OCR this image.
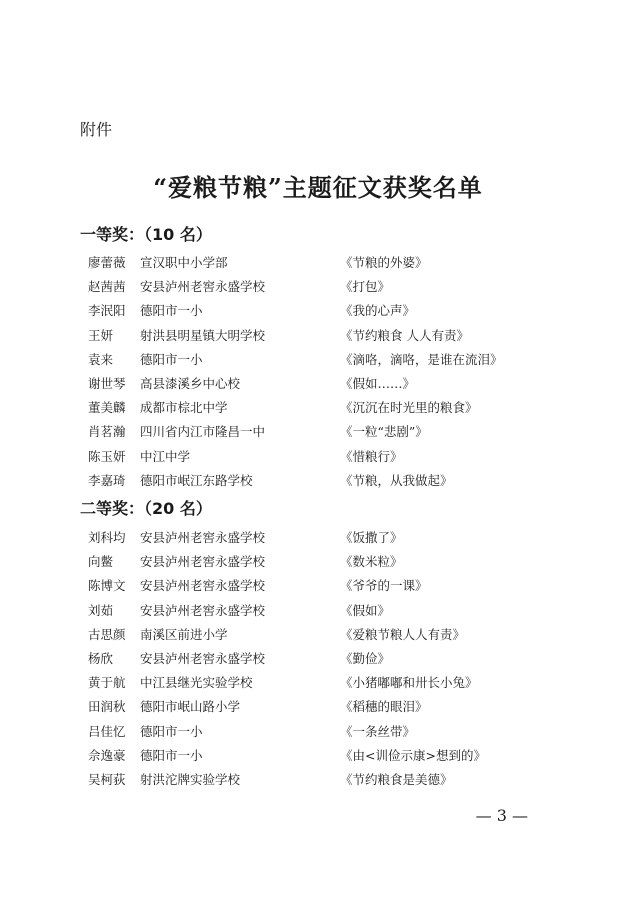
附件
“爱粮节粮”主题征文获奖名单
一等奖：（10 名）
廖蕾薇 宣汉职中小学部	《节粮的外婆》
赵茜茜 安县泸州老窖永盛学校	《打包》
李泯阳 德阳市一小	《我的心声》
王妍 射洪县明星镇大明学校	《节约粮食 人人有责》
袁来 德阳市一小	《滴咯，滴咯，是谁在流泪》
谢世琴 高县漆溪乡中心校	《假如……》
董美麟 成都市棕北中学	《沉沉在时光里的粮食》
肖茗瀚 四川省内江市隆昌一中	《一粒“悲剧”》
陈玉妍 中江中学	《惜粮行》
李嘉琦 德阳市岷江东路学校	《节粮，从我做起》
二等奖：（20 名）
刘科均 安县泸州老窖永盛学校	《饭撒了》
向鳖 安县泸州老窖永盛学校	《数米粒》
陈博文 安县泸州老窖永盛学校	《爷爷的一课》
刘茹 安县泸州老窖永盛学校	《假如》
古思颜 南溪区前进小学	《爱粮节粮人人有责》
杨欣 安县泸州老窖永盛学校	《勤俭》
黄于航 中江县继光实验学校	《小猪嘟嘟和卅长小兔》
田润秋 德阳市岷山路小学	《稻穗的眼泪》
吕佳忆 德阳市一小	《一条丝带》
佘逸豪 德阳市一小	《由<训俭示康>想到的》
吴柯荻 射洪沱牌实验学校	《节约粮食是美德》
— 3 —
